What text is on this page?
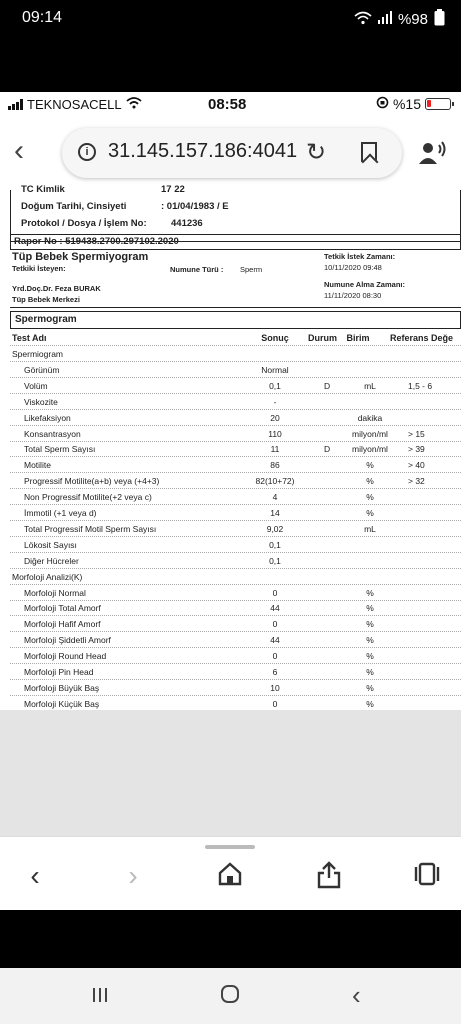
09:14	%98
TEKNOSACELL	08:58	%15
‹	i 31.145.157.186:4041 ↻
TC Kimlik	17 22
Doğum Tarihi, Cinsiyeti	: 01/04/1983 / E
Protokol / Dosya / İşlem No:	441236
Rapor No : 519438.2700.297102.2020
Tüp Bebek Spermiyogram
Tetkiki İsteyen:	Numune Türü : Sperm
Yrd.Doç.Dr. Feza BURAK
Tüp Bebek Merkezi
Tetkik İstek Zamanı:
10/11/2020 09:48
Numune Alma Zamanı:
11/11/2020 08:30
Spermogram
Test Adı	Sonuç	Durum	Birim	Referans Değe
Spermiogram
Görünüm	Normal
Volüm	0,1	D	mL	1,5 - 6
Viskozite	-
Likefaksiyon	20	dakika
Konsantrasyon	110	milyon/ml	> 15
Total Sperm Sayısı	11	D	milyon/ml	> 39
Motilite	86	%	> 40
Progressif Motilite(a+b) veya (+4+3)	82(10+72)	%	> 32
Non Progressif Motilite(+2 veya c)	4	%
İmmotil (+1 veya d)	14	%
Total Progressif Motil Sperm Sayısı	9,02	mL
Lökosit Sayısı	0,1
Diğer Hücreler	0,1
Morfoloji Analizi(K)
Morfoloji Normal	0	%
Morfoloji Total Amorf	44	%
Morfoloji Hafif Amorf	0	%
Morfoloji Şiddetli Amorf	44	%
Morfoloji Round Head	0	%
Morfoloji Pin Head	6	%
Morfoloji Büyük Baş	10	%
Morfoloji Küçük Baş	0	%
‹	›
‹
